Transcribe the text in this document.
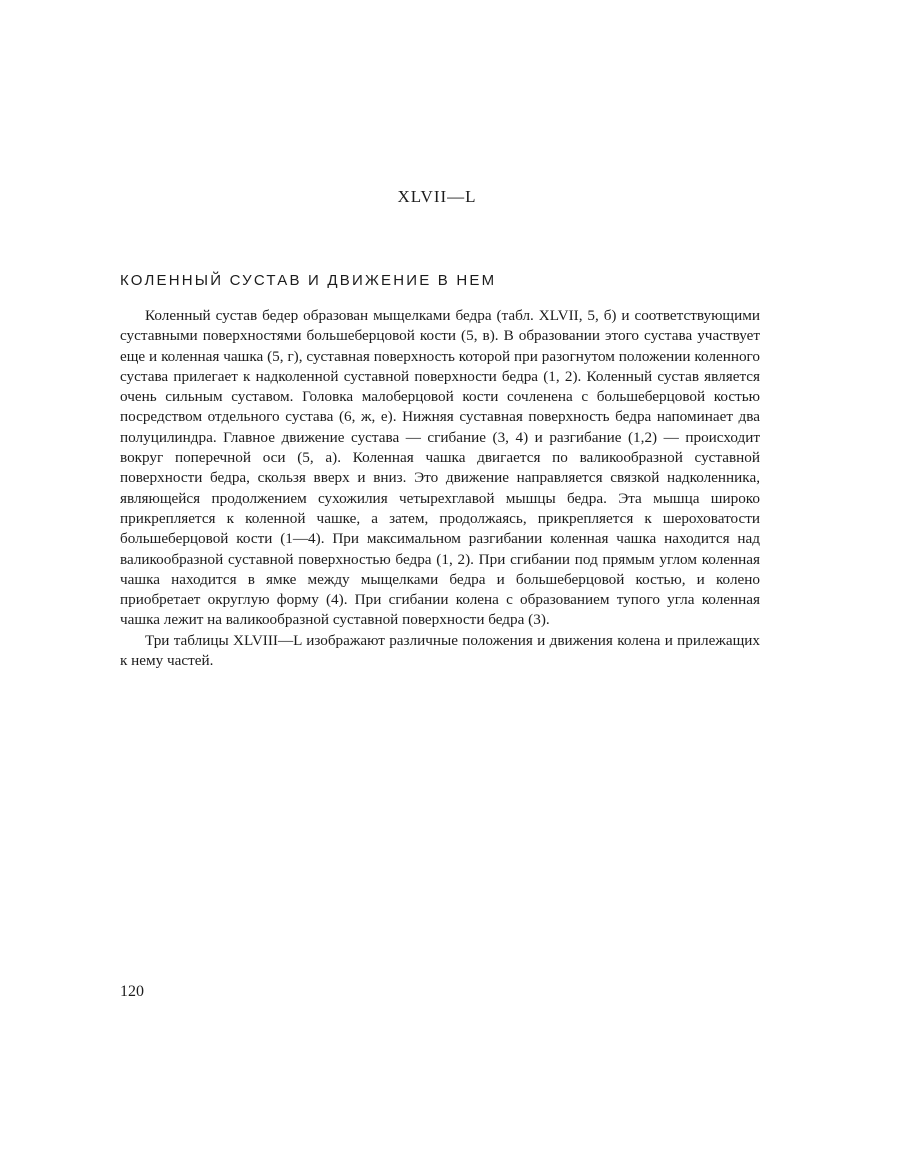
XLVII—L
КОЛЕННЫЙ СУСТАВ И ДВИЖЕНИЕ В НЕМ

Коленный сустав бедер образован мыщелками бедра (табл. XLVII, 5, б) и соответствующими суставными поверхностями большеберцовой кости (5, в). В образовании этого сустава участвует еще и коленная чашка (5, г), суставная поверхность которой при разогнутом положении коленного сустава прилегает к надколенной суставной поверхности бедра (1, 2). Коленный сустав является очень сильным суставом. Головка малоберцовой кости сочленена с большеберцовой костью посредством отдельного сустава (6, ж, е). Нижняя суставная поверхность бедра напоминает два полуцилиндра. Главное движение сустава — сгибание (3, 4) и разгибание (1,2) — происходит вокруг поперечной оси (5, а). Коленная чашка двигается по валикообразной суставной поверхности бедра, скользя вверх и вниз. Это движение направляется связкой надколенника, являющейся продолжением сухожилия четырехглавой мышцы бедра. Эта мышца широко прикрепляется к коленной чашке, а затем, продолжаясь, прикрепляется к шероховатости большеберцовой кости (1—4). При максимальном разгибании коленная чашка находится над валикообразной суставной поверхностью бедра (1, 2). При сгибании под прямым углом коленная чашка находится в ямке между мыщелками бедра и большеберцовой костью, и колено приобретает округлую форму (4). При сгибании колена с образованием тупого угла коленная чашка лежит на валикообразной суставной поверхности бедра (3).

Три таблицы XLVIII—L изображают различные положения и движения колена и прилежащих к нему частей.

120
